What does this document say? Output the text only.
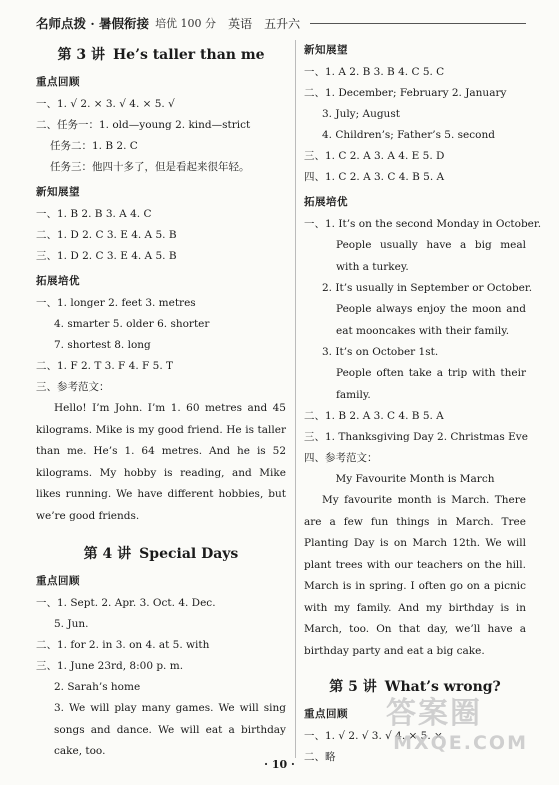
名师点拨 · 暑假衔接 培优 100 分 英语 五升六
第 3 讲 He’s taller than me
重点回顾
一、1. √ 2. × 3. √ 4. × 5. √
二、任务一：1. old—young 2. kind—strict
任务二：1. B 2. C
任务三：他四十多了，但是看起来很年轻。
新知展望
一、1. B 2. B 3. A 4. C
二、1. D 2. C 3. E 4. A 5. B
三、1. D 2. C 3. E 4. A 5. B
拓展培优
一、1. longer 2. feet 3. metres
4. smarter 5. older 6. shorter
7. shortest 8. long
二、1. F 2. T 3. F 4. F 5. T
三、参考范文：
Hello! I’m John. I’m 1. 60 metres and 45 kilograms. Mike is my good friend. He is taller than me. He’s 1. 64 metres. And he is 52 kilograms. My hobby is reading, and Mike likes running. We have different hobbies, but we’re good friends.
第 4 讲 Special Days
重点回顾
一、1. Sept. 2. Apr. 3. Oct. 4. Dec.
5. Jun.
二、1. for 2. in 3. on 4. at 5. with
三、1. June 23rd, 8:00 p. m.
2. Sarah’s home
3. We will play many games. We will sing songs and dance. We will eat a birthday cake, too.
新知展望
一、1. A 2. B 3. B 4. C 5. C
二、1. December; February 2. January
3. July; August
4. Children’s; Father’s 5. second
三、1. C 2. A 3. A 4. E 5. D
四、1. C 2. A 3. C 4. B 5. A
拓展培优
一、1. It’s on the second Monday in October.
People usually have a big meal with a turkey.
2. It’s usually in September or October.
People always enjoy the moon and eat mooncakes with their family.
3. It’s on October 1st.
People often take a trip with their family.
二、1. B 2. A 3. C 4. B 5. A
三、1. Thanksgiving Day 2. Christmas Eve
四、参考范文：
My Favourite Month is March
My favourite month is March. There are a few fun things in March. Tree Planting Day is on March 12th. We will plant trees with our teachers on the hill. March is in spring. I often go on a picnic with my family. And my birthday is in March, too. On that day, we’ll have a birthday party and eat a big cake.
第 5 讲 What’s wrong?
重点回顾
一、1. √ 2. √ 3. √ 4. × 5. ×
二、略
答案圈
MXQE.COM
· 10 ·
